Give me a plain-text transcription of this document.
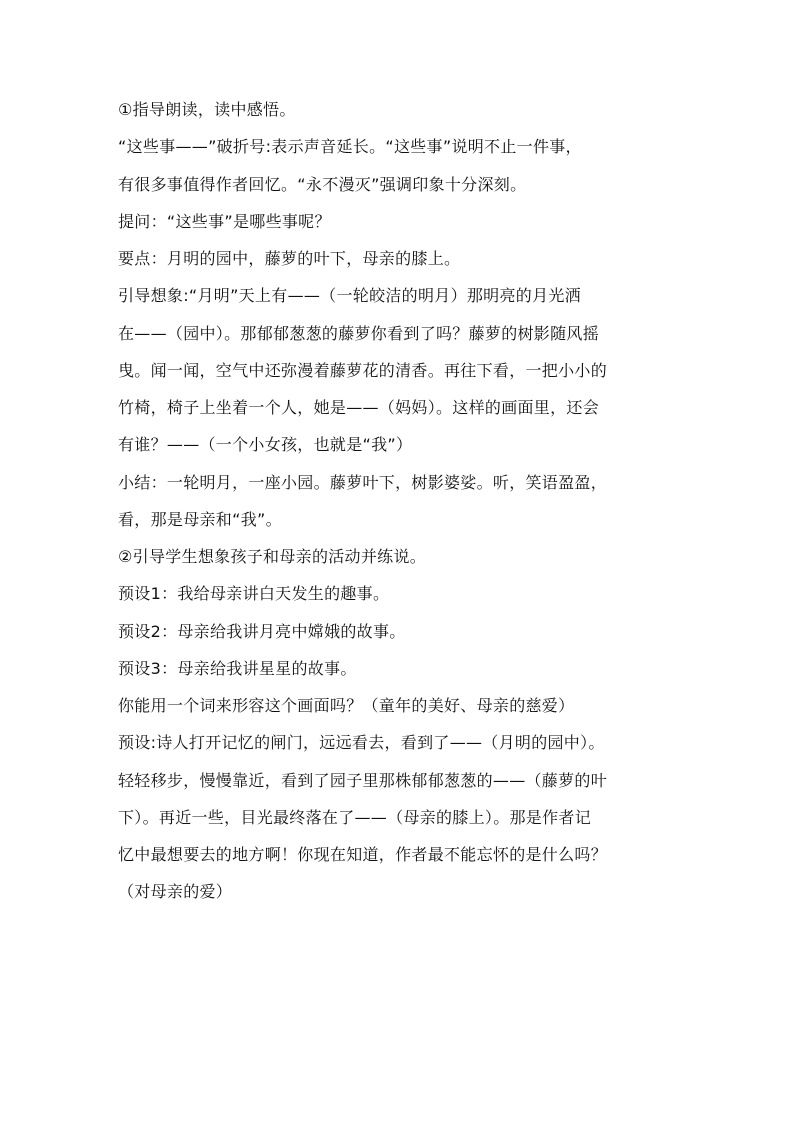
①指导朗读，读中感悟。
“这些事——”破折号:表示声音延长。“这些事”说明不止一件事，
有很多事值得作者回忆。“永不漫灭”强调印象十分深刻。
提问：“这些事”是哪些事呢？
要点：月明的园中，藤萝的叶下，母亲的膝上。
引导想象:“月明”天上有——（一轮皎洁的明月）那明亮的月光洒
在——（园中）。那郁郁葱葱的藤萝你看到了吗？藤萝的树影随风摇
曳。闻一闻，空气中还弥漫着藤萝花的清香。再往下看，一把小小的
竹椅，椅子上坐着一个人，她是——（妈妈）。这样的画面里，还会
有谁？——（一个小女孩，也就是“我”）
小结：一轮明月，一座小园。藤萝叶下，树影婆娑。听，笑语盈盈，
看，那是母亲和“我”。
②引导学生想象孩子和母亲的活动并练说。
预设1：我给母亲讲白天发生的趣事。
预设2：母亲给我讲月亮中嫦娥的故事。
预设3：母亲给我讲星星的故事。
你能用一个词来形容这个画面吗？（童年的美好、母亲的慈爱）
预设:诗人打开记忆的闸门，远远看去，看到了——（月明的园中）。
轻轻移步，慢慢靠近，看到了园子里那株郁郁葱葱的——（藤萝的叶
下）。再近一些，目光最终落在了——（母亲的膝上）。那是作者记
忆中最想要去的地方啊！你现在知道，作者最不能忘怀的是什么吗？
（对母亲的爱）
